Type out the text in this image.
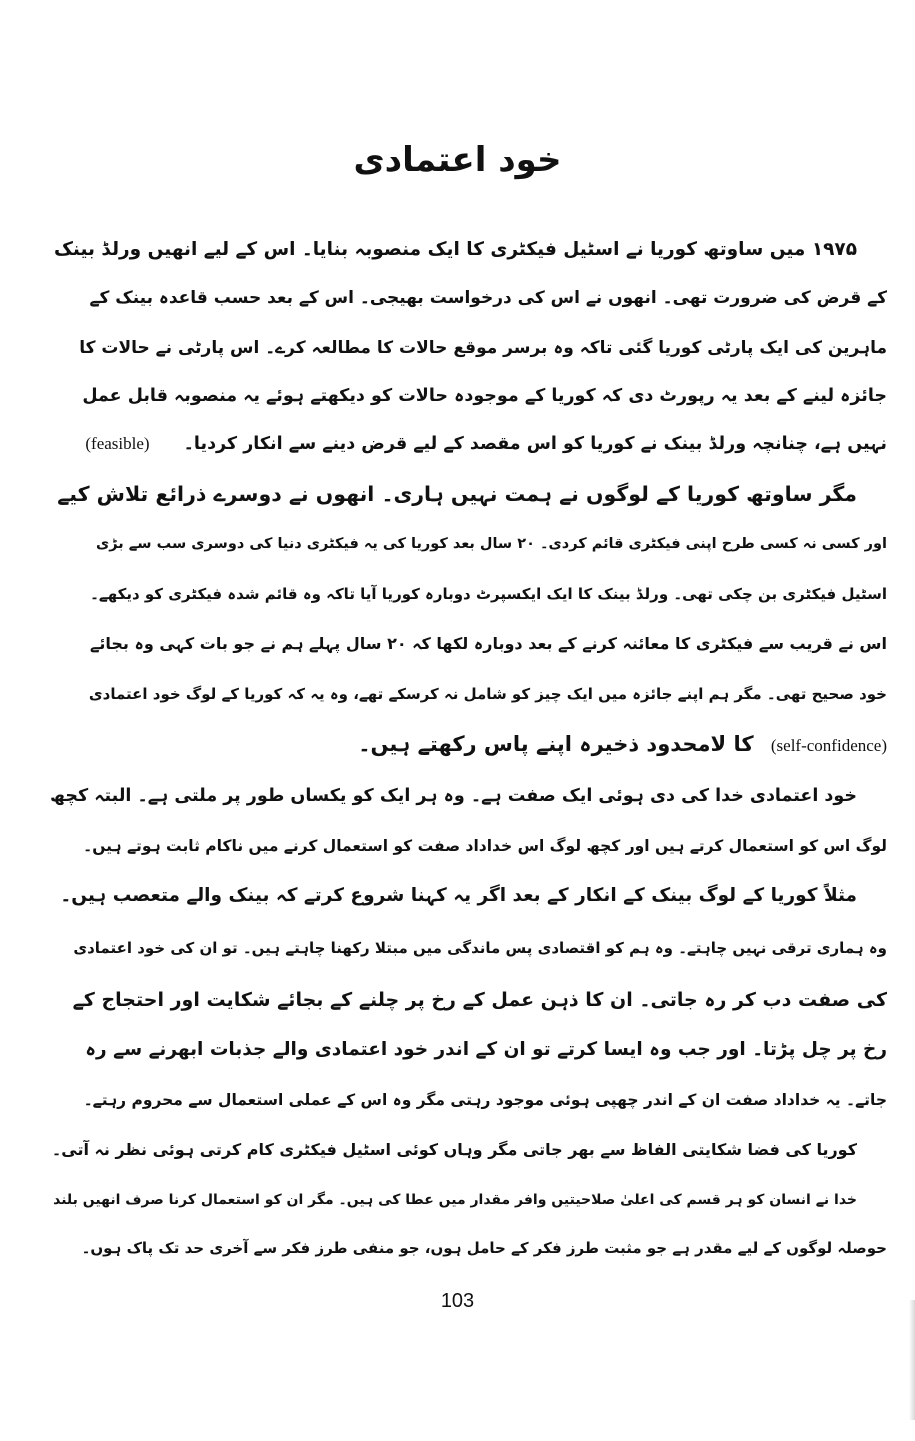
خود اعتمادی
۱۹۷۵ میں ساوتھ کوریا نے اسٹیل فیکٹری کا ایک منصوبہ بنایا۔ اس کے لیے انھیں ورلڈ بینک
کے قرض کی ضرورت تھی۔ انھوں نے اس کی درخواست بھیجی۔ اس کے بعد حسب قاعدہ بینک کے
ماہرین کی ایک پارٹی کوریا گئی تاکہ وہ برسر موقع حالات کا مطالعہ کرے۔ اس پارٹی نے حالات کا
جائزہ لینے کے بعد یہ رپورٹ دی کہ کوریا کے موجودہ حالات کو دیکھتے ہوئے یہ منصوبہ قابل عمل
نہیں ہے، چنانچہ ورلڈ بینک نے کوریا کو اس مقصد کے لیے قرض دینے سے انکار کردیا۔ (feasible)
مگر ساوتھ کوریا کے لوگوں نے ہمت نہیں ہاری۔ انھوں نے دوسرے ذرائع تلاش کیے
اور کسی نہ کسی طرح اپنی فیکٹری قائم کردی۔ ۲۰ سال بعد کوریا کی یہ فیکٹری دنیا کی دوسری سب سے بڑی
اسٹیل فیکٹری بن چکی تھی۔ ورلڈ بینک کا ایک ایکسپرٹ دوبارہ کوریا آیا تاکہ وہ قائم شدہ فیکٹری کو دیکھے۔
اس نے قریب سے فیکٹری کا معائنہ کرنے کے بعد دوبارہ لکھا کہ ۲۰ سال پہلے ہم نے جو بات کہی وہ بجائے
خود صحیح تھی۔ مگر ہم اپنے جائزہ میں ایک چیز کو شامل نہ کرسکے تھے، وہ یہ کہ کوریا کے لوگ خود اعتمادی
(self-confidence) کا لامحدود ذخیرہ اپنے پاس رکھتے ہیں۔
خود اعتمادی خدا کی دی ہوئی ایک صفت ہے۔ وہ ہر ایک کو یکساں طور پر ملتی ہے۔ البتہ کچھ
لوگ اس کو استعمال کرتے ہیں اور کچھ لوگ اس خداداد صفت کو استعمال کرنے میں ناکام ثابت ہوتے ہیں۔
مثلاً کوریا کے لوگ بینک کے انکار کے بعد اگر یہ کہنا شروع کرتے کہ بینک والے متعصب ہیں۔
وہ ہماری ترقی نہیں چاہتے۔ وہ ہم کو اقتصادی پس ماندگی میں مبتلا رکھنا چاہتے ہیں۔ تو ان کی خود اعتمادی
کی صفت دب کر رہ جاتی۔ ان کا ذہن عمل کے رخ پر چلنے کے بجائے شکایت اور احتجاج کے
رخ پر چل پڑتا۔ اور جب وہ ایسا کرتے تو ان کے اندر خود اعتمادی والے جذبات ابھرنے سے رہ
جاتے۔ یہ خداداد صفت ان کے اندر چھپی ہوئی موجود رہتی مگر وہ اس کے عملی استعمال سے محروم رہتے۔
کوریا کی فضا شکایتی الفاظ سے بھر جاتی مگر وہاں کوئی اسٹیل فیکٹری کام کرتی ہوئی نظر نہ آتی۔
خدا نے انسان کو ہر قسم کی اعلیٰ صلاحیتیں وافر مقدار میں عطا کی ہیں۔ مگر ان کو استعمال کرنا صرف انھیں بلند
حوصلہ لوگوں کے لیے مقدر ہے جو مثبت طرز فکر کے حامل ہوں، جو منفی طرز فکر سے آخری حد تک پاک ہوں۔
103
